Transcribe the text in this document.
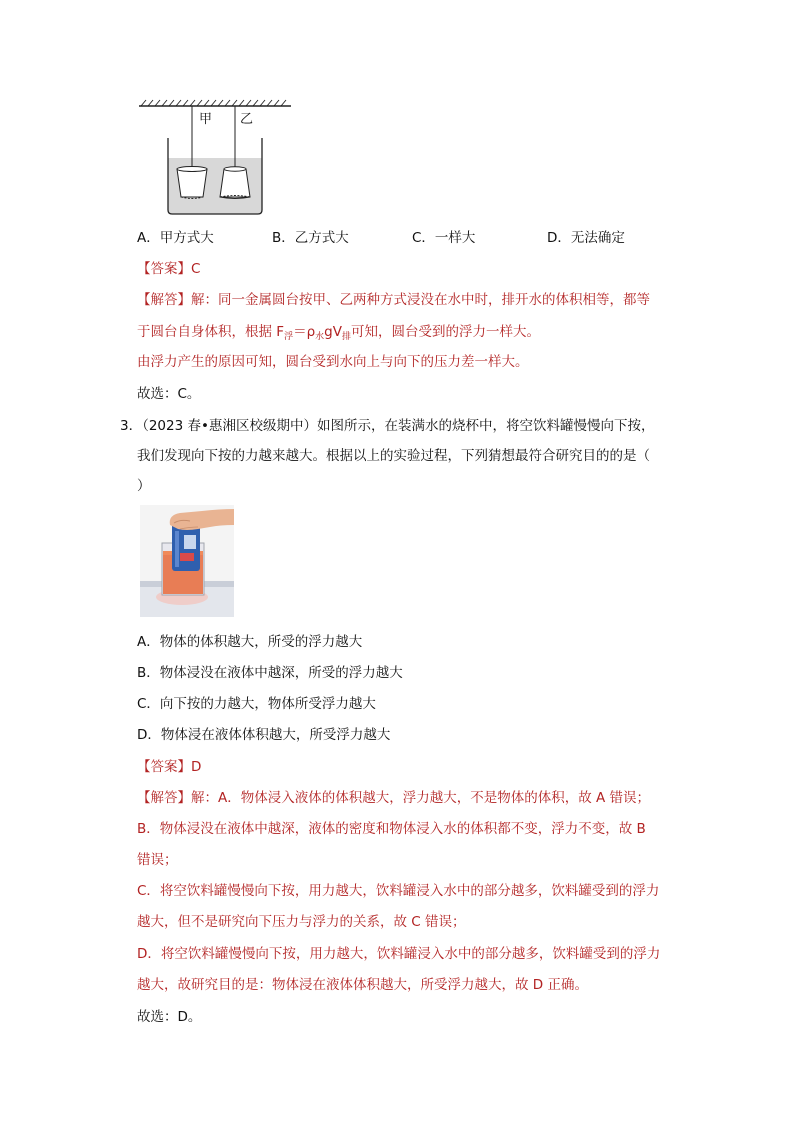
甲 乙
A．甲方式大	B．乙方式大	C．一样大	D．无法确定
【答案】C
【解答】解：同一金属圆台按甲、乙两种方式浸没在水中时，排开水的体积相等，都等
于圆台自身体积，根据 $F_浮=\rho_水gV_排$可知，圆台受到的浮力一样大。
由浮力产生的原因可知，圆台受到水向上与向下的压力差一样大。
故选：C。
3．（2023 春•惠湘区校级期中）如图所示，在装满水的烧杯中，将空饮料罐慢慢向下按，
我们发现向下按的力越来越大。根据以上的实验过程，下列猜想最符合研究目的的是（
）
A．物体的体积越大，所受的浮力越大
B．物体浸没在液体中越深，所受的浮力越大
C．向下按的力越大，物体所受浮力越大
D．物体浸在液体体积越大，所受浮力越大
【答案】D
【解答】解：A．物体浸入液体的体积越大，浮力越大，不是物体的体积，故 A 错误；
B．物体浸没在液体中越深，液体的密度和物体浸入水的体积都不变，浮力不变，故 B
错误；
C．将空饮料罐慢慢向下按，用力越大，饮料罐浸入水中的部分越多，饮料罐受到的浮力
越大，但不是研究向下压力与浮力的关系，故 C 错误；
D．将空饮料罐慢慢向下按，用力越大，饮料罐浸入水中的部分越多，饮料罐受到的浮力
越大，故研究目的是：物体浸在液体体积越大，所受浮力越大，故 D 正确。
故选：D。
